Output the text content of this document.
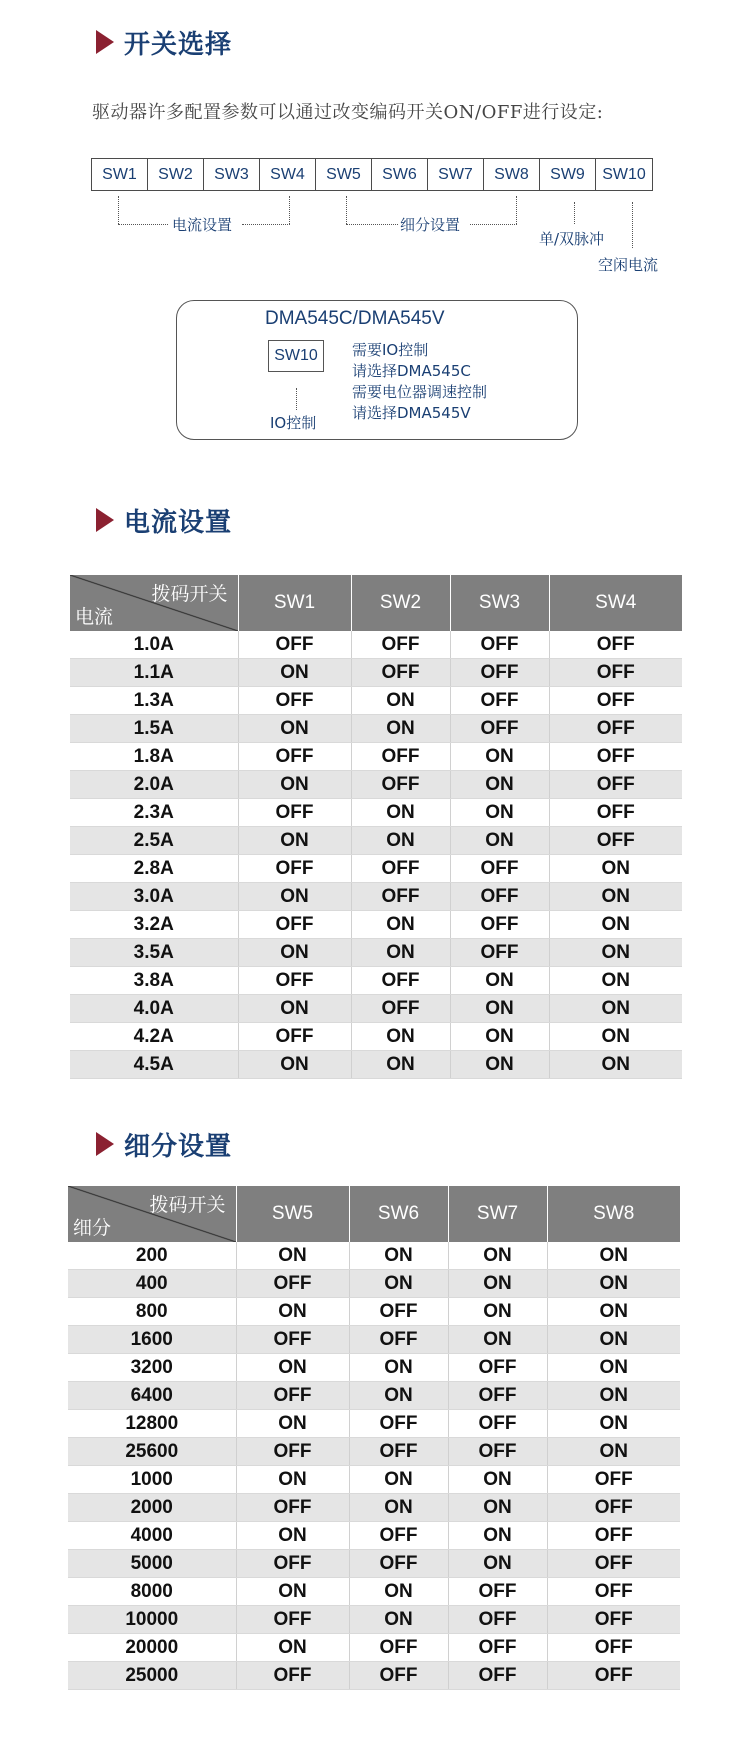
开关选择
驱动器许多配置参数可以通过改变编码开关ON/OFF进行设定:
SW1	SW2	SW3	SW4	SW5	SW6	SW7	SW8	SW9	SW10
电流设置	细分设置
单/双脉冲
空闲电流
DMA545C/DMA545V
SW10
IO控制
需要IO控制
请选择DMA545C
需要电位器调速控制
请选择DMA545V
电流设置
拨码开关
电流	SW1	SW2	SW3	SW4
1.0A	OFF	OFF	OFF	OFF
1.1A	ON	OFF	OFF	OFF
1.3A	OFF	ON	OFF	OFF
1.5A	ON	ON	OFF	OFF
1.8A	OFF	OFF	ON	OFF
2.0A	ON	OFF	ON	OFF
2.3A	OFF	ON	ON	OFF
2.5A	ON	ON	ON	OFF
2.8A	OFF	OFF	OFF	ON
3.0A	ON	OFF	OFF	ON
3.2A	OFF	ON	OFF	ON
3.5A	ON	ON	OFF	ON
3.8A	OFF	OFF	ON	ON
4.0A	ON	OFF	ON	ON
4.2A	OFF	ON	ON	ON
4.5A	ON	ON	ON	ON
细分设置
拨码开关
细分	SW5	SW6	SW7	SW8
200	ON	ON	ON	ON
400	OFF	ON	ON	ON
800	ON	OFF	ON	ON
1600	OFF	OFF	ON	ON
3200	ON	ON	OFF	ON
6400	OFF	ON	OFF	ON
12800	ON	OFF	OFF	ON
25600	OFF	OFF	OFF	ON
1000	ON	ON	ON	OFF
2000	OFF	ON	ON	OFF
4000	ON	OFF	ON	OFF
5000	OFF	OFF	ON	OFF
8000	ON	ON	OFF	OFF
10000	OFF	ON	OFF	OFF
20000	ON	OFF	OFF	OFF
25000	OFF	OFF	OFF	OFF
